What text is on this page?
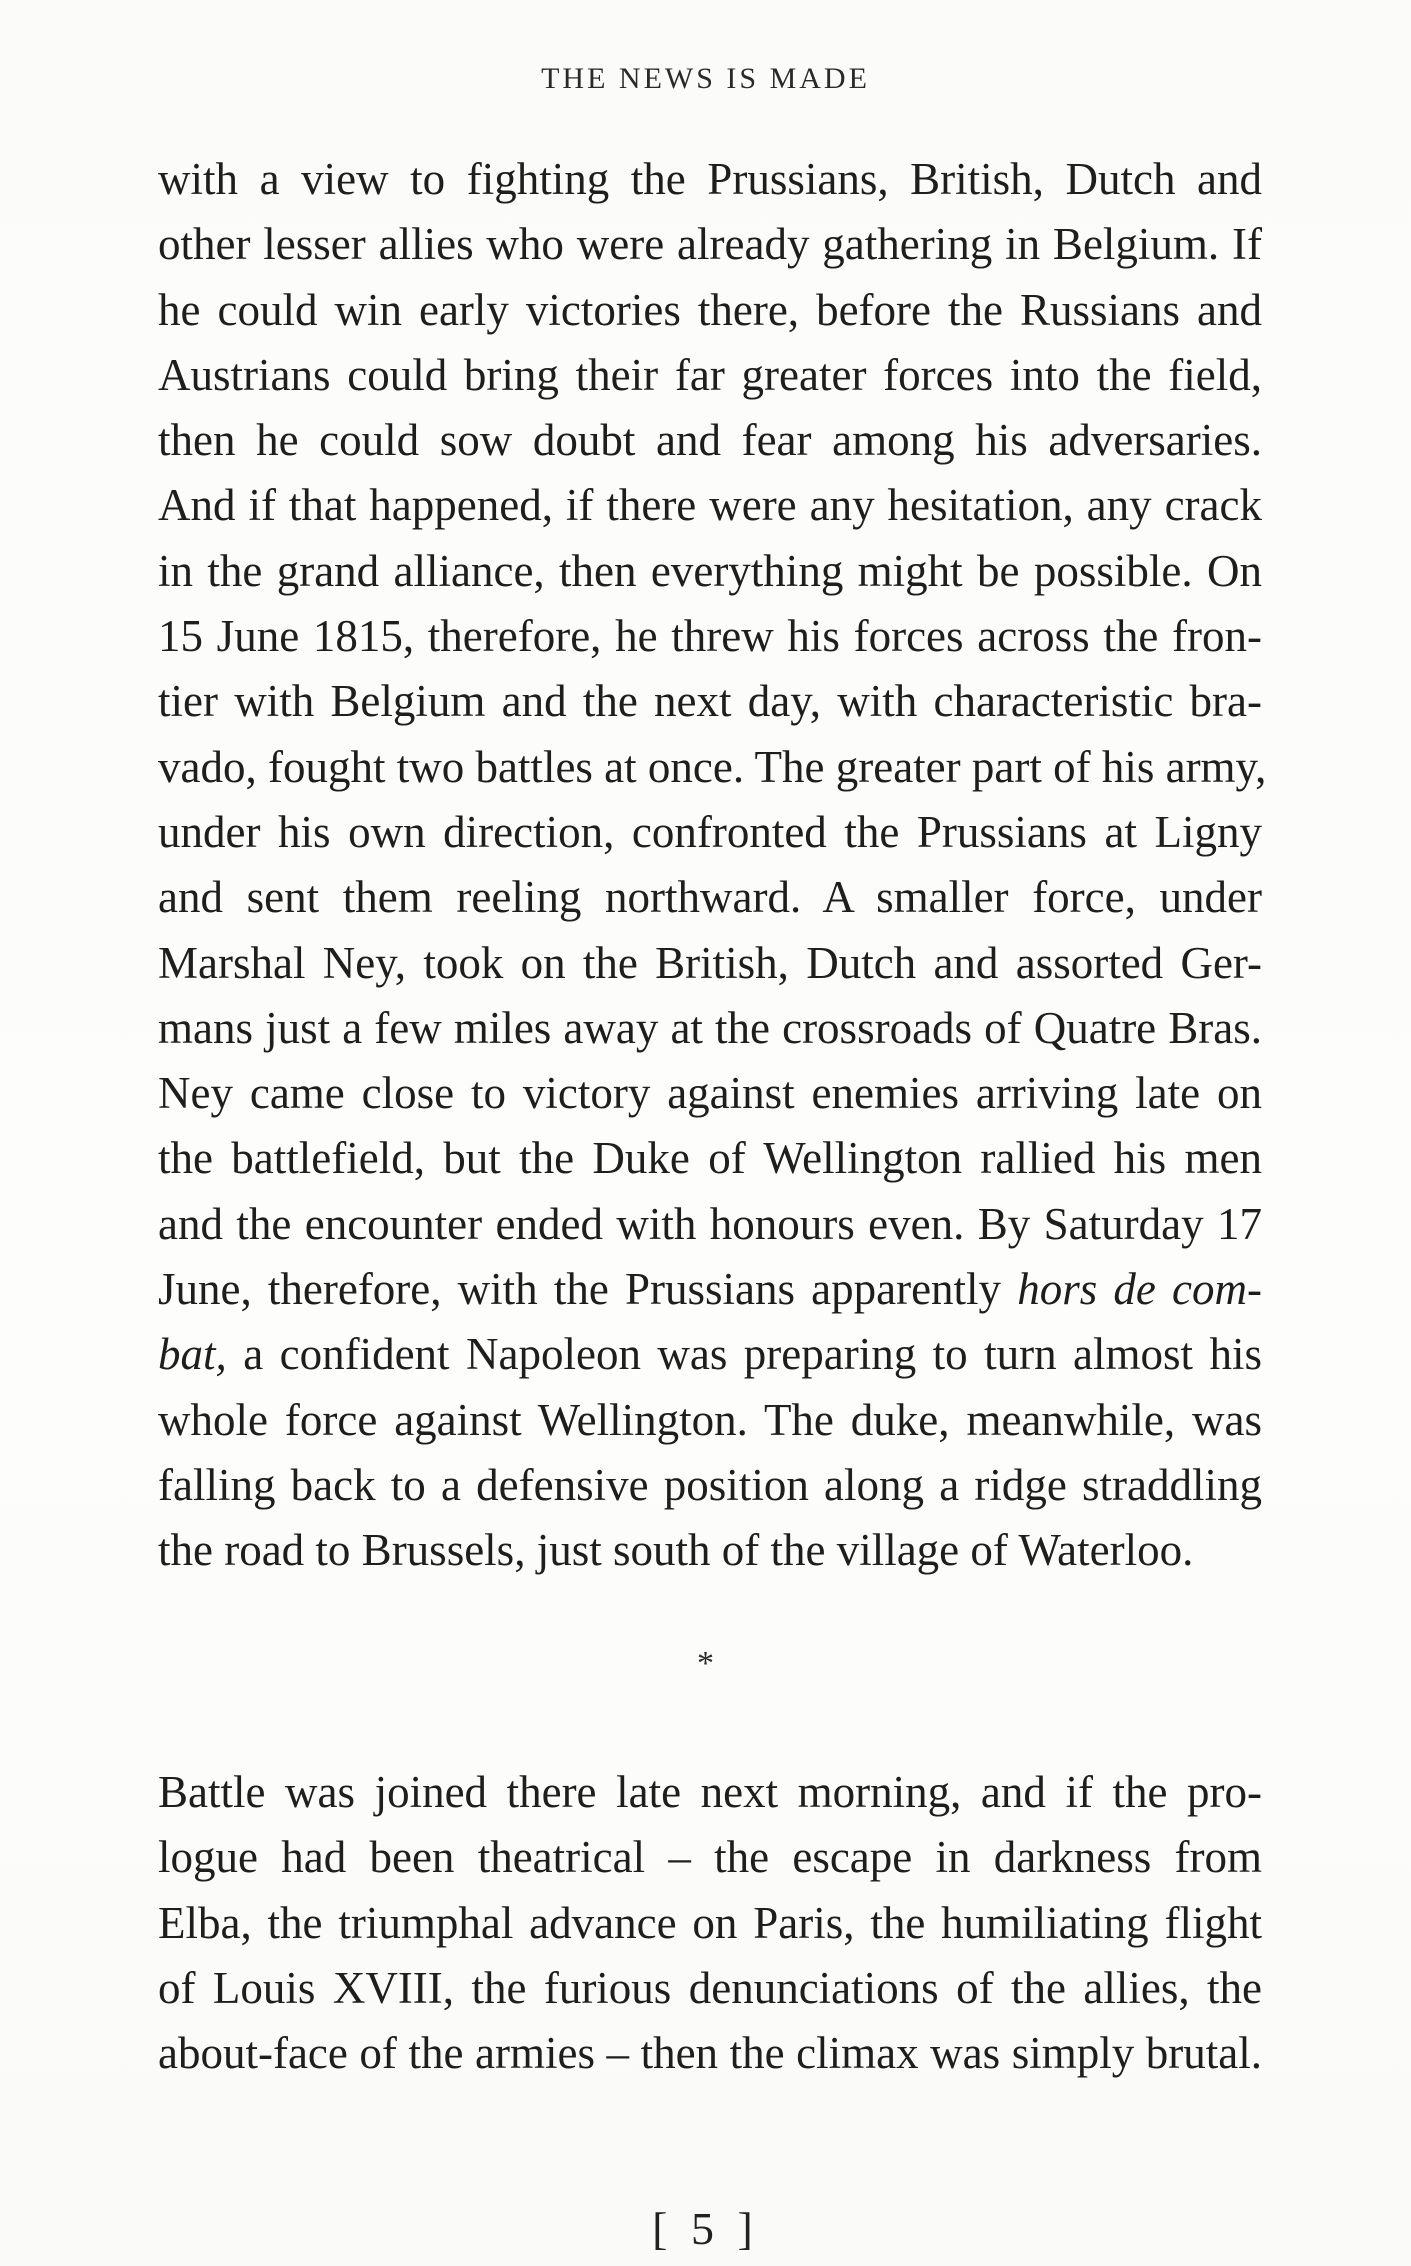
THE NEWS IS MADE
with a view to fighting the Prussians, British, Dutch and
other lesser allies who were already gathering in Belgium. If
he could win early victories there, before the Russians and
Austrians could bring their far greater forces into the field,
then he could sow doubt and fear among his adversaries.
And if that happened, if there were any hesitation, any crack
in the grand alliance, then everything might be possible. On
15 June 1815, therefore, he threw his forces across the fron-
tier with Belgium and the next day, with characteristic bra-
vado, fought two battles at once. The greater part of his army,
under his own direction, confronted the Prussians at Ligny
and sent them reeling northward. A smaller force, under
Marshal Ney, took on the British, Dutch and assorted Ger-
mans just a few miles away at the crossroads of Quatre Bras.
Ney came close to victory against enemies arriving late on
the battlefield, but the Duke of Wellington rallied his men
and the encounter ended with honours even. By Saturday 17
June, therefore, with the Prussians apparently hors de com-
bat, a confident Napoleon was preparing to turn almost his
whole force against Wellington. The duke, meanwhile, was
falling back to a defensive position along a ridge straddling
the road to Brussels, just south of the village of Waterloo.
*
Battle was joined there late next morning, and if the pro-
logue had been theatrical – the escape in darkness from
Elba, the triumphal advance on Paris, the humiliating flight
of Louis XVIII, the furious denunciations of the allies, the
about-face of the armies – then the climax was simply brutal.
[ 5 ]
